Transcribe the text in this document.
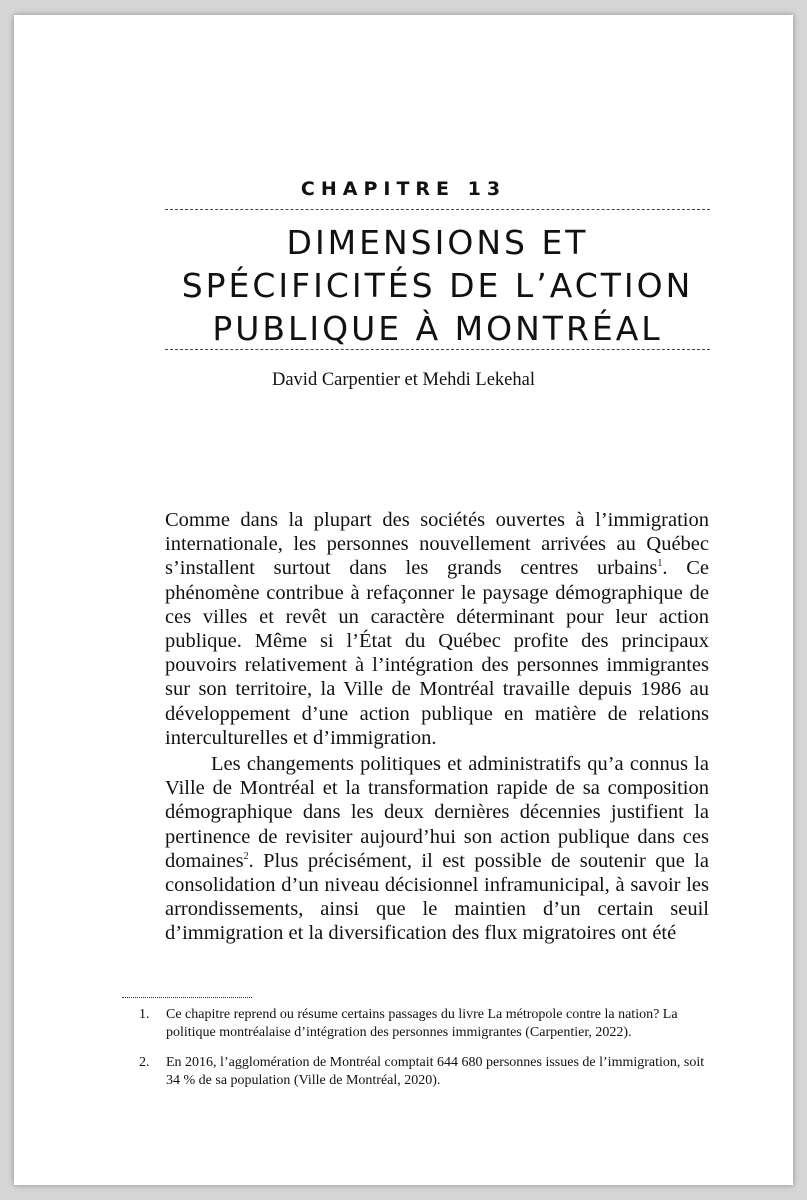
CHAPITRE 13
DIMENSIONS ET
SPÉCIFICITÉS DE L’ACTION
PUBLIQUE À MONTRÉAL
David Carpentier et Mehdi Lekehal

Comme dans la plupart des sociétés ouvertes à l’immigration internationale, les personnes nouvellement arrivées au Québec s’installent surtout dans les grands centres urbains$^1$. Ce phénomène contribue à refaçonner le paysage démographique de ces villes et revêt un caractère déterminant pour leur action publique. Même si l’État du Québec profite des principaux pouvoirs relativement à l’intégration des personnes immigrantes sur son territoire, la Ville de Montréal travaille depuis 1986 au développement d’une action publique en matière de relations interculturelles et d’immigration.

Les changements politiques et administratifs qu’a connus la Ville de Montréal et la transformation rapide de sa composition démographique dans les deux dernières décennies justifient la pertinence de revisiter aujourd’hui son action publique dans ces domaines$^2$. Plus précisément, il est possible de soutenir que la consolidation d’un niveau décisionnel inframunicipal, à savoir les arrondissements, ainsi que le maintien d’un certain seuil d’immigration et la diversification des flux migratoires ont été

1. Ce chapitre reprend ou résume certains passages du livre La métropole contre la nation? La politique montréalaise d’intégration des personnes immigrantes (Carpentier, 2022).
2. En 2016, l’agglomération de Montréal comptait 644 680 personnes issues de l’immigration, soit 34 % de sa population (Ville de Montréal, 2020).
